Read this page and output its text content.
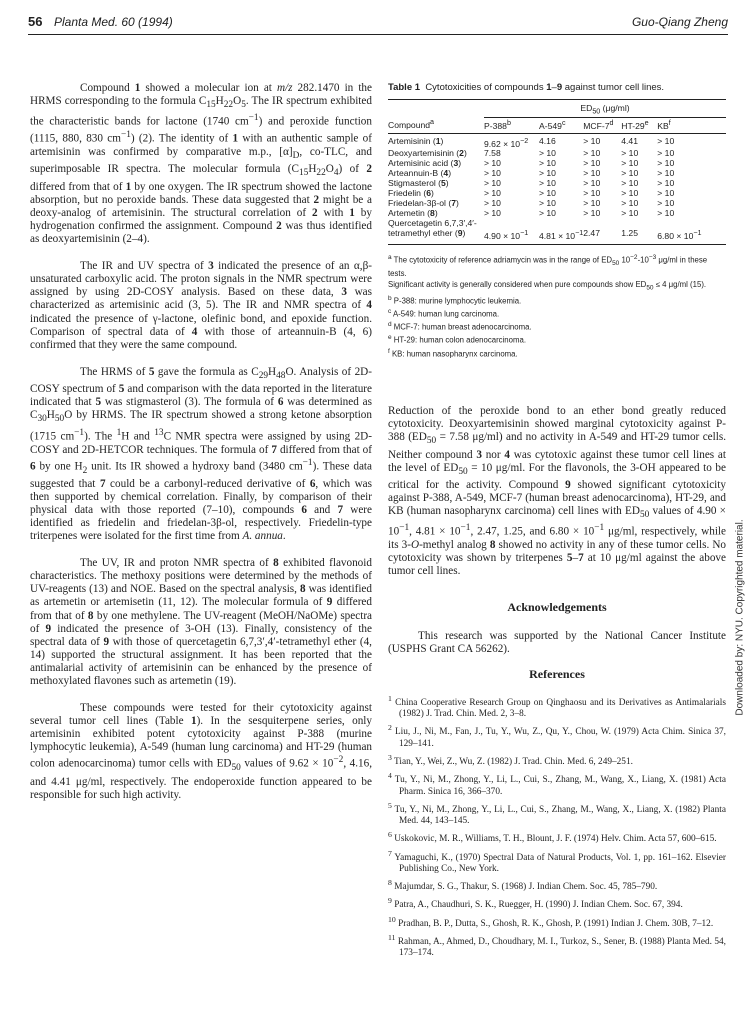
56 Planta Med. 60 (1994)	Guo-Qiang Zheng

Compound 1 showed a molecular ion at m/z 282.1470 in the HRMS corresponding to the formula $C_{15}H_{22}O_5$. The IR spectrum exhibited the characteristic bands for lactone (1740 $cm^{-1}$) and peroxide function (1115, 880, 830 $cm^{-1}$) (2). The identity of 1 with an authentic sample of artemisinin was confirmed by comparative m.p., $[\alpha]_D$, co-TLC, and superimposable IR spectra. The molecular formula $(C_{15}H_{22}O_4)$ of 2 differed from that of 1 by one oxygen. The IR spectrum showed the lactone absorption, but no peroxide bands. These data suggested that 2 might be a deoxy-analog of artemisinin. The structural correlation of 2 with 1 by hydrogenation confirmed the assignment. Compound 2 was thus identified as deoxyartemisinin (2–4).

The IR and UV spectra of 3 indicated the presence of an α,β-unsaturated carboxylic acid. The proton signals in the NMR spectrum were assigned by using 2D-COSY analysis. Based on these data, 3 was characterized as artemisinic acid (3, 5). The IR and NMR spectra of 4 indicated the presence of γ-lactone, olefinic bond, and epoxide function. Comparison of spectral data of 4 with those of arteannuin-B (4, 6) confirmed that they were the same compound.

The HRMS of 5 gave the formula as $C_{29}H_{48}O$. Analysis of 2D-COSY spectrum of 5 and comparison with the data reported in the literature indicated that 5 was stigmasterol (3). The formula of 6 was determined as $C_{30}H_{50}O$ by HRMS. The IR spectrum showed a strong ketone absorption (1715 $cm^{-1}$). The $^1$H and $^{13}$C NMR spectra were assigned by using 2D-COSY and 2D-HETCOR techniques. The formula of 7 differed from that of 6 by one $H_2$ unit. Its IR showed a hydroxy band (3480 $cm^{-1}$). These data suggested that 7 could be a carbonyl-reduced derivative of 6, which was then supported by chemical correlation. Finally, by comparison of their physical data with those reported (7–10), compounds 6 and 7 were identified as friedelin and friedelan-3β-ol, respectively. Friedelin-type triterpenes were isolated for the first time from A. annua.

The UV, IR and proton NMR spectra of 8 exhibited flavonoid characteristics. The methoxy positions were determined by the methods of UV-reagents (13) and NOE. Based on the spectral analysis, 8 was identified as artemetin or artemisetin (11, 12). The molecular formula of 9 differed from that of 8 by one methylene. The UV-reagent (MeOH/NaOMe) spectra of 9 indicated the presence of 3-OH (13). Finally, consistency of the spectral data of 9 with those of quercetagetin 6,7,3′,4′-tetramethyl ether (4, 14) supported the structural assignment. It has been reported that the antimalarial activity of artemisinin can be enhanced by the presence of methoxylated flavones such as artemetin (19).

These compounds were tested for their cytotoxicity against several tumor cell lines (Table 1). In the sesquiterpene series, only artemisinin exhibited potent cytotoxicity against P-388 (murine lymphocytic leukemia), A-549 (human lung carcinoma) and HT-29 (human colon adenocarcinoma) tumor cells with $ED_{50}$ values of $9.62 \times 10^{-2}$, 4.16, and 4.41 μg/ml, respectively. The endoperoxide function appeared to be responsible for such high activity.

Table 1 Cytotoxicities of compounds 1–9 against tumor cell lines.
	$ED_{50}$ (μg/ml)				
Compound$^a$	P-388$^b$	A-549$^c$	MCF-7$^d$	HT-29e	$KB^f$
Artemisinin (1)	$9.62 \times 10^{-2}$	4.16	> 10	4.41	> 10
Deoxyartemisinin (2)	7.58	> 10	> 10	> 10	> 10
Artemisinic acid (3)	> 10	> 10	> 10	> 10	> 10
Arteannuin-B (4)	> 10	> 10	> 10	> 10	> 10
Stigmasterol (5)	> 10	> 10	> 10	> 10	> 10
Friedelin (6)	> 10	> 10	> 10	> 10	> 10
Friedelan-3β-ol (7)	> 10	> 10	> 10	> 10	> 10
Artemetin (8)	> 10	> 10	> 10	> 10	> 10
Quercetagetin 6,7,3′,4′-					
tetramethyl ether (9)	$4.90 \times 10^{-1}$	$4.81 \times 10^{-1}$	2.47	1.25	$6.80 \times 10^{-1}$
$^a$ The cytotoxicity of reference adriamycin was in the range of $ED_{50}$ $10^{-2}-10^{-3}$ μg/ml in these tests.
Significant activity is generally considered when pure compounds show $ED_{50} \le 4$ μg/ml (15).
$^b$ P-388: murine lymphocytic leukemia.
$^c$ A-549: human lung carcinoma.
$^d$ MCF-7: human breast adenocarcinoma.
$^e$ HT-29: human colon adenocarcinoma.
$^f$ KB: human nasopharynx carcinoma.

Reduction of the peroxide bond to an ether bond greatly reduced cytotoxicity. Deoxyartemisinin showed marginal cytotoxicity against P-388 ($ED_{50} = 7.58$ μg/ml) and no activity in A-549 and HT-29 tumor cells. Neither compound 3 nor 4 was cytotoxic against these tumor cell lines at the level of $ED_{50} = 10$ μg/ml. For the flavonols, the 3-OH appeared to be critical for the activity. Compound 9 showed significant cytotoxicity against P-388, A-549, MCF-7 (human breast adenocarcinoma), HT-29, and KB (human nasopharynx carcinoma) cell lines with $ED_{50}$ values of $4.90 \times 10^{-1}$, $4.81 \times 10^{-1}$, 2.47, 1.25, and $6.80 \times 10^{-1}$ μg/ml, respectively, while its 3-O-methyl analog 8 showed no activity in any of these tumor cells. No cytotoxicity was shown by triterpenes 5–7 at 10 μg/ml against the above tumor cell lines.

Acknowledgements

This research was supported by the National Cancer Institute (USPHS Grant CA 56262).

References
$^1$ China Cooperative Research Group on Qinghaosu and its Derivatives as Antimalarials (1982) J. Trad. Chin. Med. 2, 3–8.
$^2$ Liu, J., Ni, M., Fan, J., Tu, Y., Wu, Z., Qu, Y., Chou, W. (1979) Acta Chim. Sinica 37, 129–141.
$^3$ Tian, Y., Wei, Z., Wu, Z. (1982) J. Trad. Chin. Med. 6, 249–251.
$^4$ Tu, Y., Ni, M., Zhong, Y., Li, L., Cui, S., Zhang, M., Wang, X., Liang, X. (1981) Acta Pharm. Sinica 16, 366–370.
$^5$ Tu, Y., Ni, M., Zhong, Y., Li, L., Cui, S., Zhang, M., Wang, X., Liang, X. (1982) Planta Med. 44, 143–145.
$^6$ Uskokovic, M. R., Williams, T. H., Blount, J. F. (1974) Helv. Chim. Acta 57, 600–615.
$^7$ Yamaguchi, K., (1970) Spectral Data of Natural Products, Vol. 1, pp. 161–162. Elsevier Publishing Co., New York.
$^8$ Majumdar, S. G., Thakur, S. (1968) J. Indian Chem. Soc. 45, 785–790.
$^9$ Patra, A., Chaudhuri, S. K., Ruegger, H. (1990) J. Indian Chem. Soc. 67, 394.
$^{10}$ Pradhan, B. P., Dutta, S., Ghosh, R. K., Ghosh, P. (1991) Indian J. Chem. 30B, 7–12.
$^{11}$ Rahman, A., Ahmed, D., Choudhary, M. I., Turkoz, S., Sener, B. (1988) Planta Med. 54, 173–174.
Downloaded by: NYU. Copyrighted material.
